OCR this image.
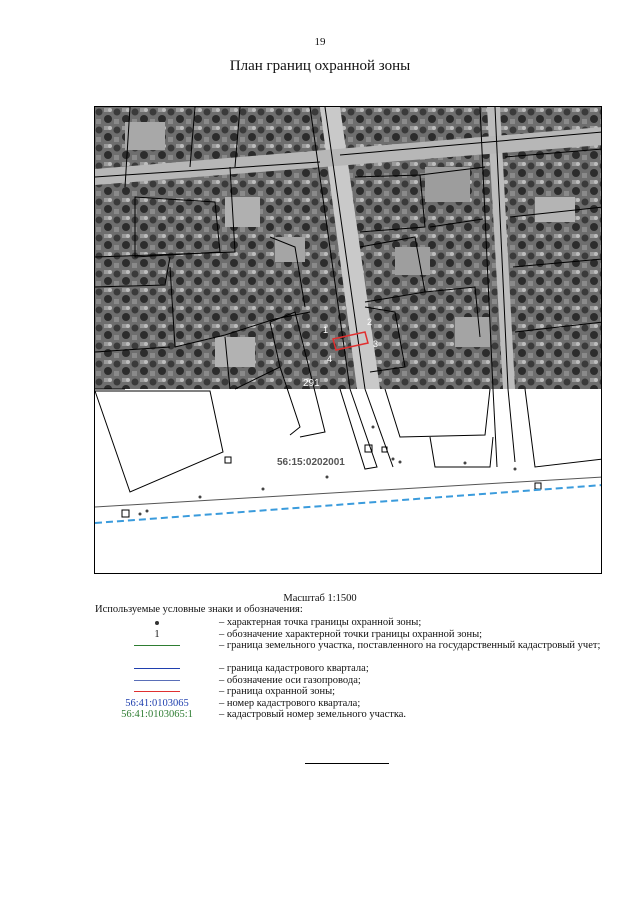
19
План границ охранной зоны
1
2
3
4
291
56:15:0202001
Масштаб 1:1500
Используемые условные знаки и обозначения:
– характерная точка границы охранной зоны;
1	– обозначение характерной точки границы охранной зоны;
– граница земельного участка, поставленного на государственный кадастровый учет;
– граница кадастрового квартала;
– обозначение оси газопровода;
– граница охранной зоны;
56:41:0103065	– номер кадастрового квартала;
56:41:0103065:1 – кадастровый номер земельного участка.
